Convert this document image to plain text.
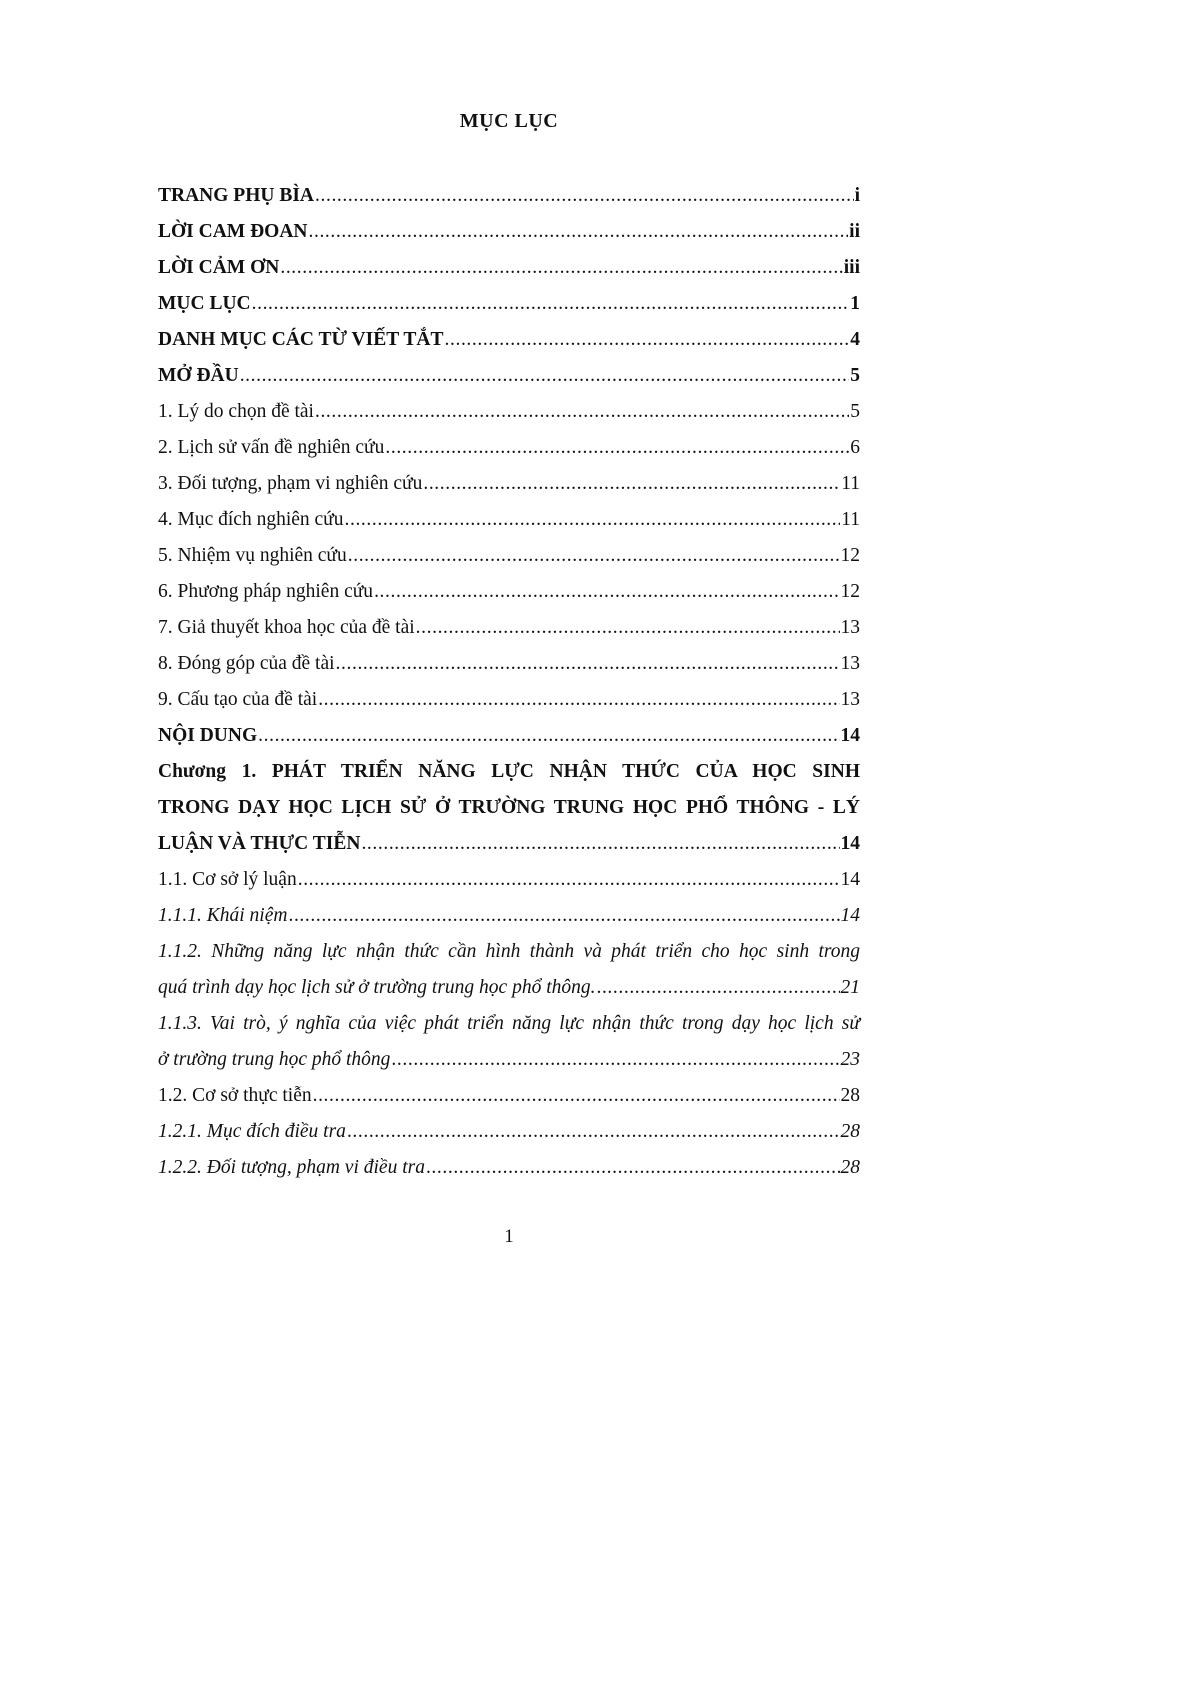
MỤC LỤC
TRANG PHỤ BÌA .....	i
LỜI CAM ĐOAN .....	ii
LỜI CẢM ƠN .....	iii
MỤC LỤC .....	1
DANH MỤC CÁC TỪ VIẾT TẮT .....	4
MỞ ĐẦU .....	5
1. Lý do chọn đề tài .....	5
2. Lịch sử vấn đề nghiên cứu .....	6
3. Đối tượng, phạm vi nghiên cứu .....	11
4. Mục đích nghiên cứu .....	11
5. Nhiệm vụ nghiên cứu .....	12
6. Phương pháp nghiên cứu .....	12
7. Giả thuyết khoa học của đề tài .....	13
8. Đóng góp của đề tài .....	13
9. Cấu tạo của đề tài .....	13
NỘI DUNG .....	14
Chương 1. PHÁT TRIỂN NĂNG LỰC NHẬN THỨC CỦA HỌC SINH
TRONG DẠY HỌC LỊCH SỬ Ở TRƯỜNG TRUNG HỌC PHỔ THÔNG - LÝ
LUẬN VÀ THỰC TIỄN .....	14
1.1. Cơ sở lý luận .....	14
1.1.1. Khái niệm .....	14
1.1.2. Những năng lực nhận thức cần hình thành và phát triển cho học sinh trong
quá trình dạy học lịch sử ở trường trung học phổ thông. .....	21
1.1.3. Vai trò, ý nghĩa của việc phát triển năng lực nhận thức trong dạy học lịch sử
ở trường trung học phổ thông .....	23
1.2. Cơ sở thực tiễn .....	28
1.2.1. Mục đích điều tra .....	28
1.2.2. Đối tượng, phạm vi điều tra .....	28
1
